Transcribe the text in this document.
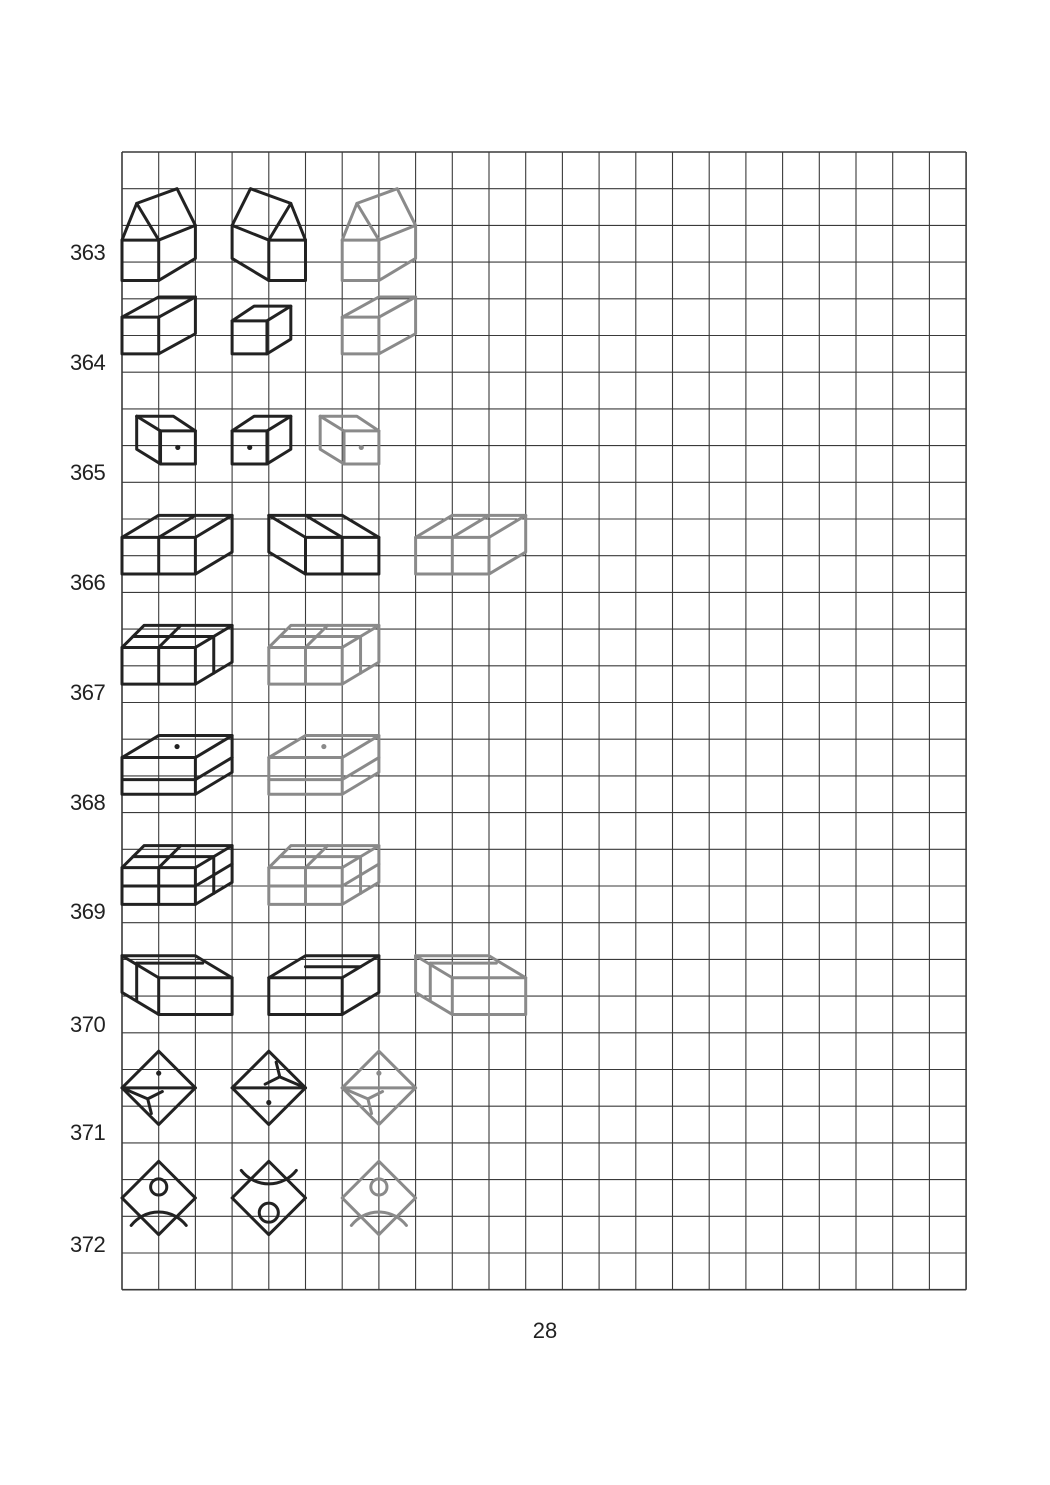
363
364
365
366
367
368
369
370
371
372
28
